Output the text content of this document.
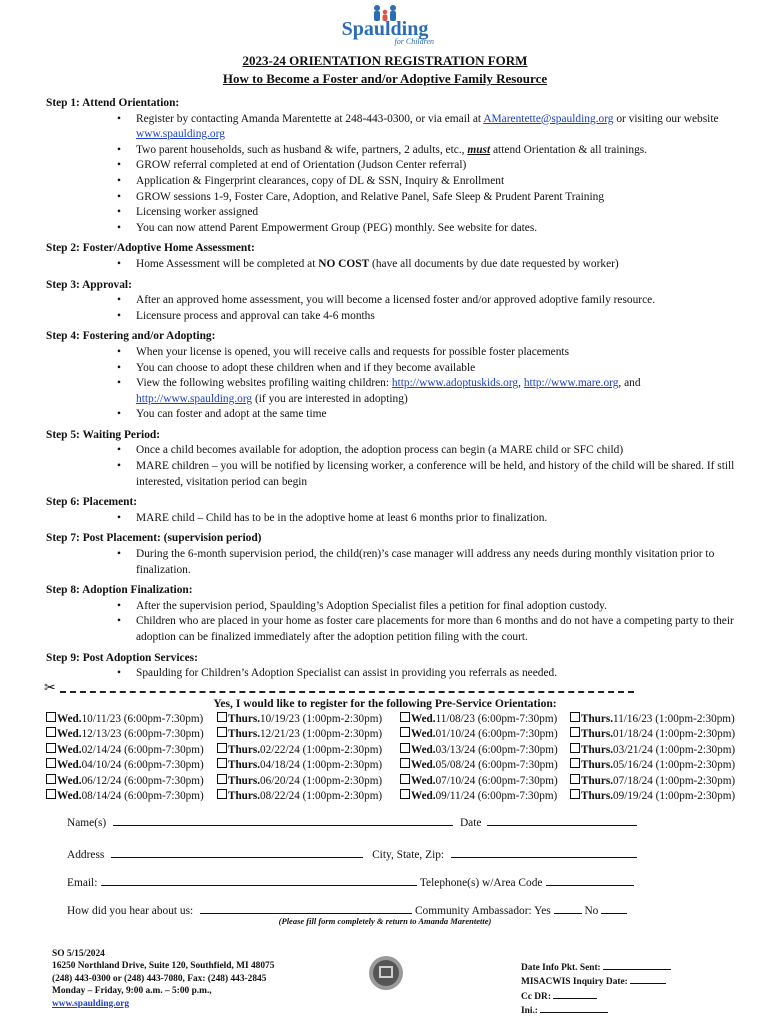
Spaulding
for Children
2023-24 ORIENTATION REGISTRATION FORM
How to Become a Foster and/or Adoptive Family Resource
Step 1: Attend Orientation:
• Register by contacting Amanda Marentette at 248-443-0300, or via email at AMarentette@spaulding.org or visiting our website www.spaulding.org
• Two parent households, such as husband & wife, partners, 2 adults, etc., must attend Orientation & all trainings.
• GROW referral completed at end of Orientation (Judson Center referral)
• Application & Fingerprint clearances, copy of DL & SSN, Inquiry & Enrollment
• GROW sessions 1-9, Foster Care, Adoption, and Relative Panel, Safe Sleep & Prudent Parent Training
• Licensing worker assigned
• You can now attend Parent Empowerment Group (PEG) monthly. See website for dates.
Step 2: Foster/Adoptive Home Assessment:
• Home Assessment will be completed at NO COST (have all documents by due date requested by worker)
Step 3: Approval:
• After an approved home assessment, you will become a licensed foster and/or approved adoptive family resource.
• Licensure process and approval can take 4-6 months
Step 4: Fostering and/or Adopting:
• When your license is opened, you will receive calls and requests for possible foster placements
• You can choose to adopt these children when and if they become available
• View the following websites profiling waiting children: http://www.adoptuskids.org, http://www.mare.org, and http://www.spaulding.org (if you are interested in adopting)
• You can foster and adopt at the same time
Step 5: Waiting Period:
• Once a child becomes available for adoption, the adoption process can begin (a MARE child or SFC child)
• MARE children – you will be notified by licensing worker, a conference will be held, and history of the child will be shared. If still interested, visitation period can begin
Step 6: Placement:
• MARE child – Child has to be in the adoptive home at least 6 months prior to finalization.
Step 7: Post Placement: (supervision period)
• During the 6-month supervision period, the child(ren)’s case manager will address any needs during monthly visitation prior to finalization.
Step 8: Adoption Finalization:
• After the supervision period, Spaulding’s Adoption Specialist files a petition for final adoption custody.
• Children who are placed in your home as foster care placements for more than 6 months and do not have a competing party to their adoption can be finalized immediately after the adoption petition filing with the court.
Step 9: Post Adoption Services:
• Spaulding for Children’s Adoption Specialist can assist in providing you referrals as needed.
✂
Yes, I would like to register for the following Pre-Service Orientation:
Wed.10/11/23 (6:00pm-7:30pm)	Thurs.10/19/23 (1:00pm-2:30pm)	Wed.11/08/23 (6:00pm-7:30pm)	Thurs.11/16/23 (1:00pm-2:30pm)
Wed.12/13/23 (6:00pm-7:30pm)	Thurs.12/21/23 (1:00pm-2:30pm)	Wed.01/10/24 (6:00pm-7:30pm)	Thurs.01/18/24 (1:00pm-2:30pm)
Wed.02/14/24 (6:00pm-7:30pm)	Thurs.02/22/24 (1:00pm-2:30pm)	Wed.03/13/24 (6:00pm-7:30pm)	Thurs.03/21/24 (1:00pm-2:30pm)
Wed.04/10/24 (6:00pm-7:30pm)	Thurs.04/18/24 (1:00pm-2:30pm)	Wed.05/08/24 (6:00pm-7:30pm)	Thurs.05/16/24 (1:00pm-2:30pm)
Wed.06/12/24 (6:00pm-7:30pm)	Thurs.06/20/24 (1:00pm-2:30pm)	Wed.07/10/24 (6:00pm-7:30pm)	Thurs.07/18/24 (1:00pm-2:30pm)
Wed.08/14/24 (6:00pm-7:30pm)	Thurs.08/22/24 (1:00pm-2:30pm)	Wed.09/11/24 (6:00pm-7:30pm)	Thurs.09/19/24 (1:00pm-2:30pm)
Name(s)	Date
Address	City, State, Zip:
Email:	Telephone(s) w/Area Code
How did you hear about us:	Community Ambassador: Yes	No
(Please fill form completely & return to Amanda Marentette)
SO 5/15/2024
16250 Northland Drive, Suite 120, Southfield, MI 48075
(248) 443-0300 or (248) 443-7080, Fax: (248) 443-2845
Monday – Friday, 9:00 a.m. – 5:00 p.m.,
www.spaulding.org
Date Info Pkt. Sent:
MISACWIS Inquiry Date:
Cc DR:
Ini.:
